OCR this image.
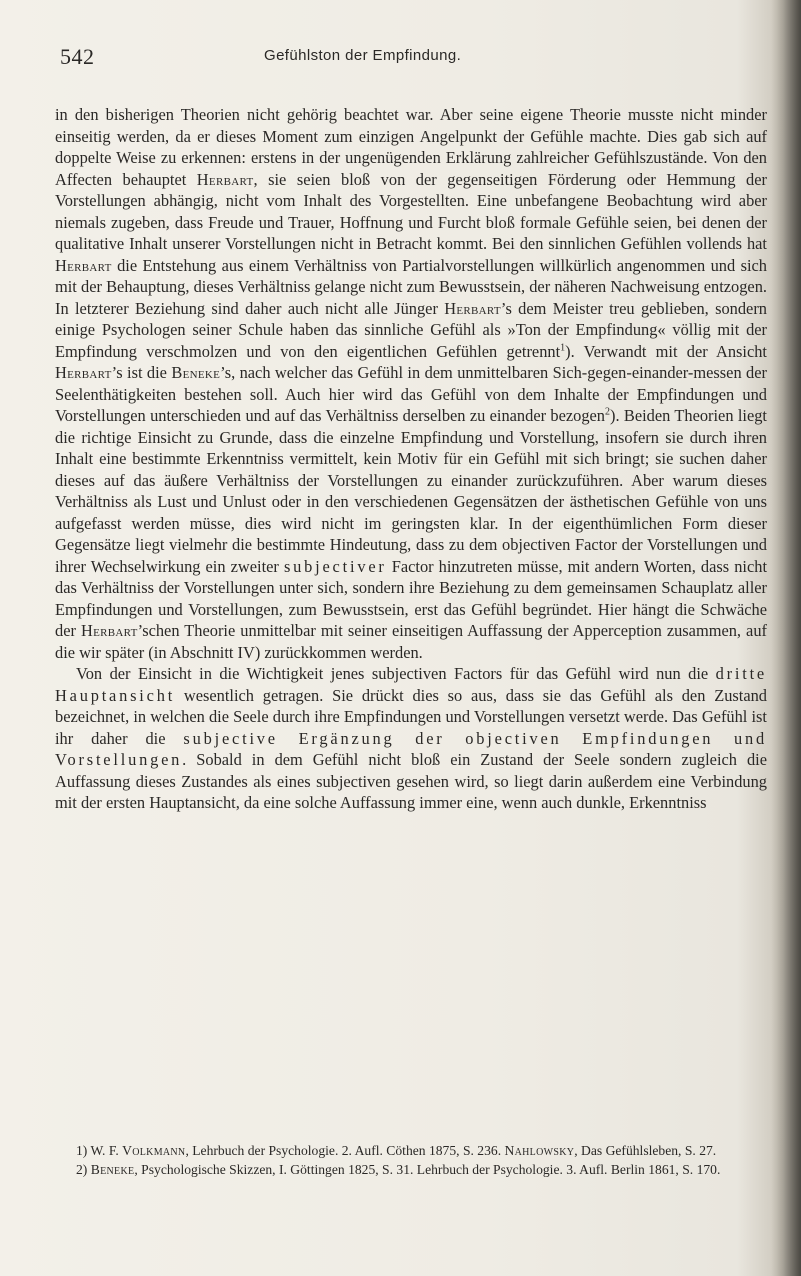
542	Gefühlston der Empfindung.

in den bisherigen Theorien nicht gehörig beachtet war. Aber seine eigene Theorie musste nicht minder einseitig werden, da er dieses Moment zum einzigen Angelpunkt der Gefühle machte. Dies gab sich auf doppelte Weise zu erkennen: erstens in der ungenügenden Erklärung zahlreicher Gefühlszustände. Von den Affecten behauptet Herbart, sie seien bloß von der gegenseitigen Förderung oder Hemmung der Vorstellungen abhängig, nicht vom Inhalt des Vorgestellten. Eine unbefangene Beobachtung wird aber niemals zugeben, dass Freude und Trauer, Hoffnung und Furcht bloß formale Gefühle seien, bei denen der qualitative Inhalt unserer Vorstellungen nicht in Betracht kommt. Bei den sinnlichen Gefühlen vollends hat Herbart die Entstehung aus einem Verhältniss von Partialvorstellungen willkürlich angenommen und sich mit der Behauptung, dieses Verhältniss gelange nicht zum Bewusstsein, der näheren Nachweisung entzogen. In letzterer Beziehung sind daher auch nicht alle Jünger Herbart’s dem Meister treu geblieben, sondern einige Psychologen seiner Schule haben das sinnliche Gefühl als »Ton der Empfindung« völlig mit der Empfindung verschmolzen und von den eigentlichen Gefühlen getrennt$^1$). Verwandt mit der Ansicht Herbart’s ist die Beneke’s, nach welcher das Gefühl in dem unmittelbaren Sich-gegen-einander-messen der Seelenthätigkeiten bestehen soll. Auch hier wird das Gefühl von dem Inhalte der Empfindungen und Vorstellungen unterschieden und auf das Verhältniss derselben zu einander bezogen$^2$). Beiden Theorien liegt die richtige Einsicht zu Grunde, dass die einzelne Empfindung und Vorstellung, insofern sie durch ihren Inhalt eine bestimmte Erkenntniss vermittelt, kein Motiv für ein Gefühl mit sich bringt; sie suchen daher dieses auf das äußere Verhältniss der Vorstellungen zu einander zurückzuführen. Aber warum dieses Verhältniss als Lust und Unlust oder in den verschiedenen Gegensätzen der ästhetischen Gefühle von uns aufgefasst werden müsse, dies wird nicht im geringsten klar. In der eigenthümlichen Form dieser Gegensätze liegt vielmehr die bestimmte Hindeutung, dass zu dem objectiven Factor der Vorstellungen und ihrer Wechselwirkung ein zweiter subjectiver Factor hinzutreten müsse, mit andern Worten, dass nicht das Verhältniss der Vorstellungen unter sich, sondern ihre Beziehung zu dem gemeinsamen Schauplatz aller Empfindungen und Vorstellungen, zum Bewusstsein, erst das Gefühl begründet. Hier hängt die Schwäche der Herbart’schen Theorie unmittelbar mit seiner einseitigen Auffassung der Apperception zusammen, auf die wir später (in Abschnitt IV) zurückkommen werden.

Von der Einsicht in die Wichtigkeit jenes subjectiven Factors für das Gefühl wird nun die dritte Hauptansicht wesentlich getragen. Sie drückt dies so aus, dass sie das Gefühl als den Zustand bezeichnet, in welchen die Seele durch ihre Empfindungen und Vorstellungen versetzt werde. Das Gefühl ist ihr daher die subjective Ergänzung der objectiven Empfindungen und Vorstellungen. Sobald in dem Gefühl nicht bloß ein Zustand der Seele sondern zugleich die Auffassung dieses Zustandes als eines subjectiven gesehen wird, so liegt darin außerdem eine Verbindung mit der ersten Hauptansicht, da eine solche Auffassung immer eine, wenn auch dunkle, Erkenntniss

1) W. F. Volkmann, Lehrbuch der Psychologie. 2. Aufl. Cöthen 1875, S. 236. Nahlowsky, Das Gefühlsleben, S. 27.

2) Beneke, Psychologische Skizzen, I. Göttingen 1825, S. 31. Lehrbuch der Psychologie. 3. Aufl. Berlin 1861, S. 170.
